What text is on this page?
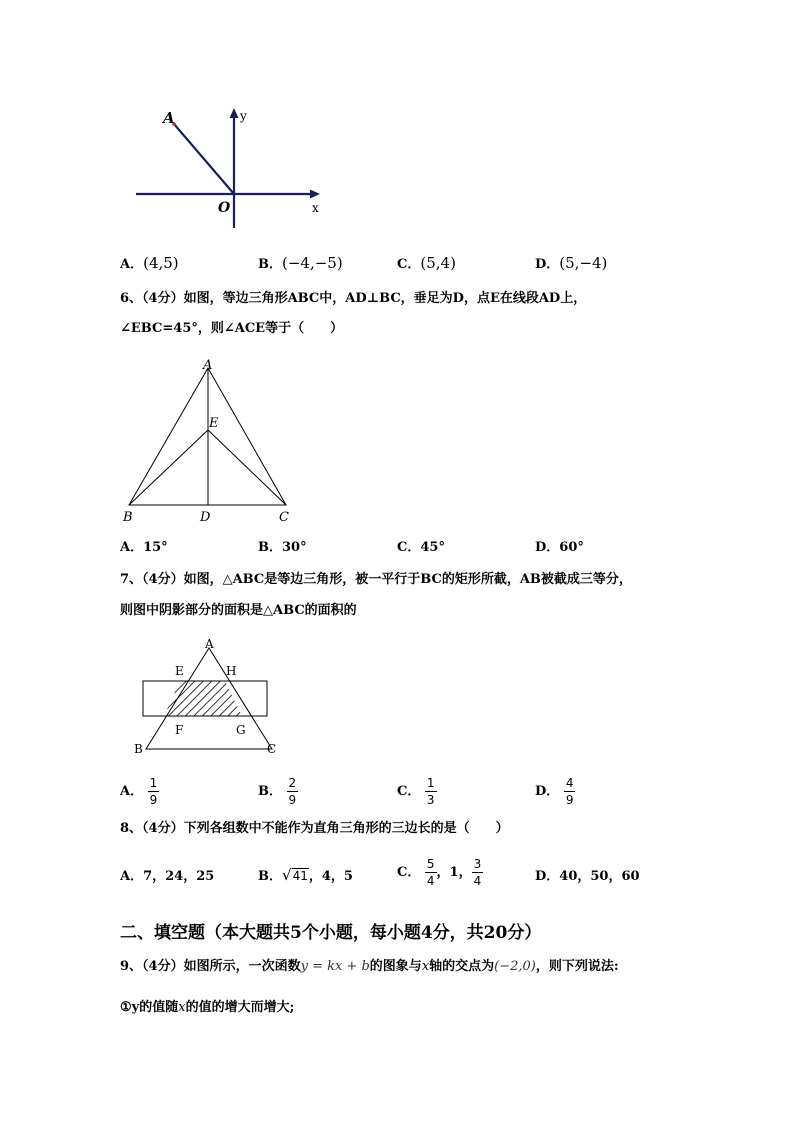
A
O	x
y
A．(4,5)	B．(−4,−5)	C．(5,4)	D．(5,−4)
6、（4分）如图，等边三角形ABC中，AD⊥BC，垂足为D，点E在线段AD上，
∠EBC=45°，则∠ACE等于（　　）
A
E
B	D	C
A．15°	B．30°	C．45°	D．60°
7、（4分）如图，△ABC是等边三角形，被一平行于BC的矩形所截，AB被截成三等分，
则图中阴影部分的面积是△ABC的面积的
A
E	H
F	G
B	C
A． $\frac{1}{9}$	B． $\frac{2}{9}$	C． $\frac{1}{3}$	D． $\frac{4}{9}$
8、（4分）下列各组数中不能作为直角三角形的三边长的是（　　）
A．7，24，25	B．√41，4，5	C． $\frac{5}{4}$ ，1， $\frac{3}{4}$	D．40，50，60
二、填空题（本大题共5个小题，每小题4分，共20分）
9、（4分）如图所示，一次函数y = kx + b的图象与x轴的交点为(−2,0)，则下列说法:
①y的值随x的值的增大而增大;
